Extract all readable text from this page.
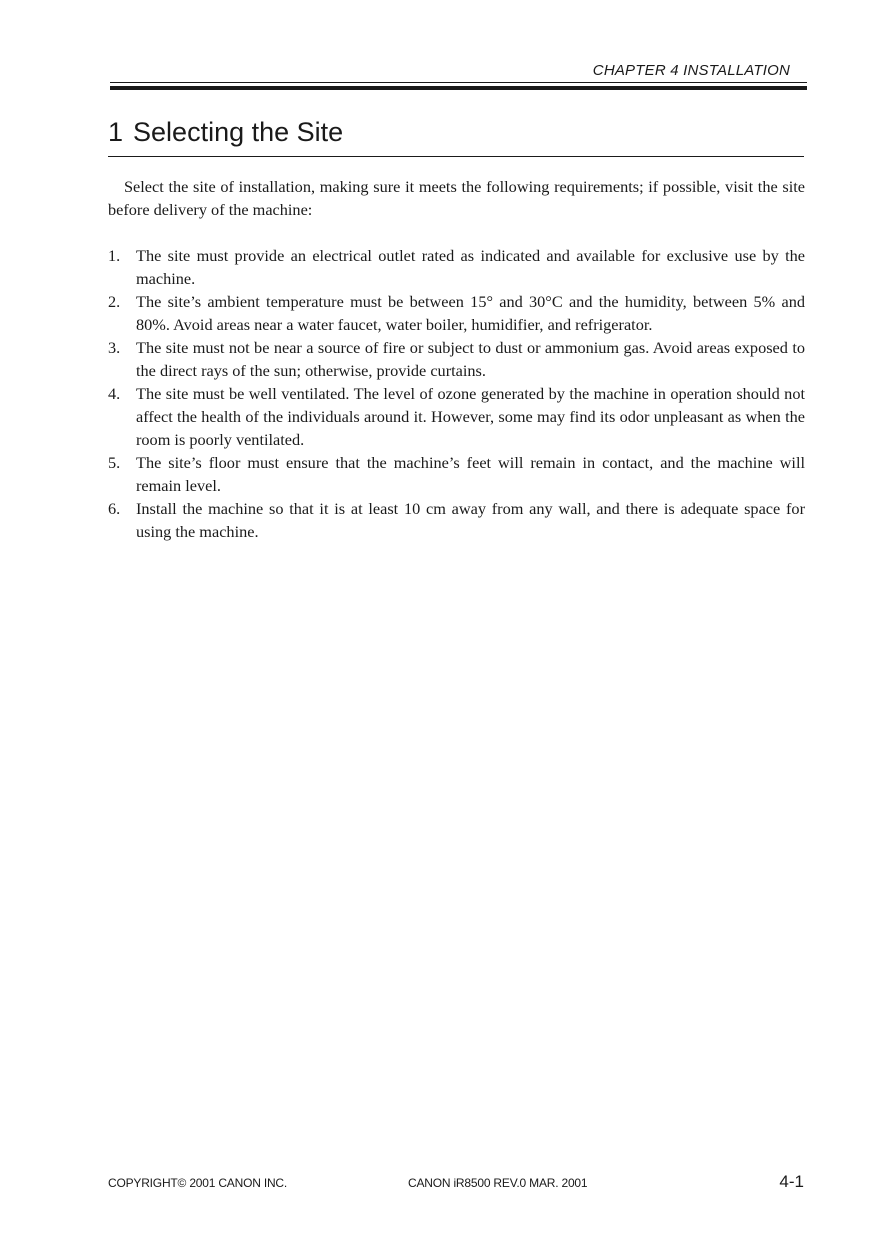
CHAPTER 4 INSTALLATION
1 Selecting the Site

Select the site of installation, making sure it meets the following requirements; if possible, visit the site before delivery of the machine:

1. The site must provide an electrical outlet rated as indicated and available for exclusive use by the machine.
2. The site’s ambient temperature must be between 15° and 30°C and the humidity, between 5% and 80%. Avoid areas near a water faucet, water boiler, humidifier, and refrigerator.
3. The site must not be near a source of fire or subject to dust or ammonium gas. Avoid areas exposed to the direct rays of the sun; otherwise, provide curtains.
4. The site must be well ventilated. The level of ozone generated by the machine in operation should not affect the health of the individuals around it. However, some may find its odor unpleasant as when the room is poorly ventilated.
5. The site’s floor must ensure that the machine’s feet will remain in contact, and the machine will remain level.
6. Install the machine so that it is at least 10 cm away from any wall, and there is adequate space for using the machine.
COPYRIGHT© 2001 CANON INC.	CANON iR8500 REV.0 MAR. 2001	4-1
